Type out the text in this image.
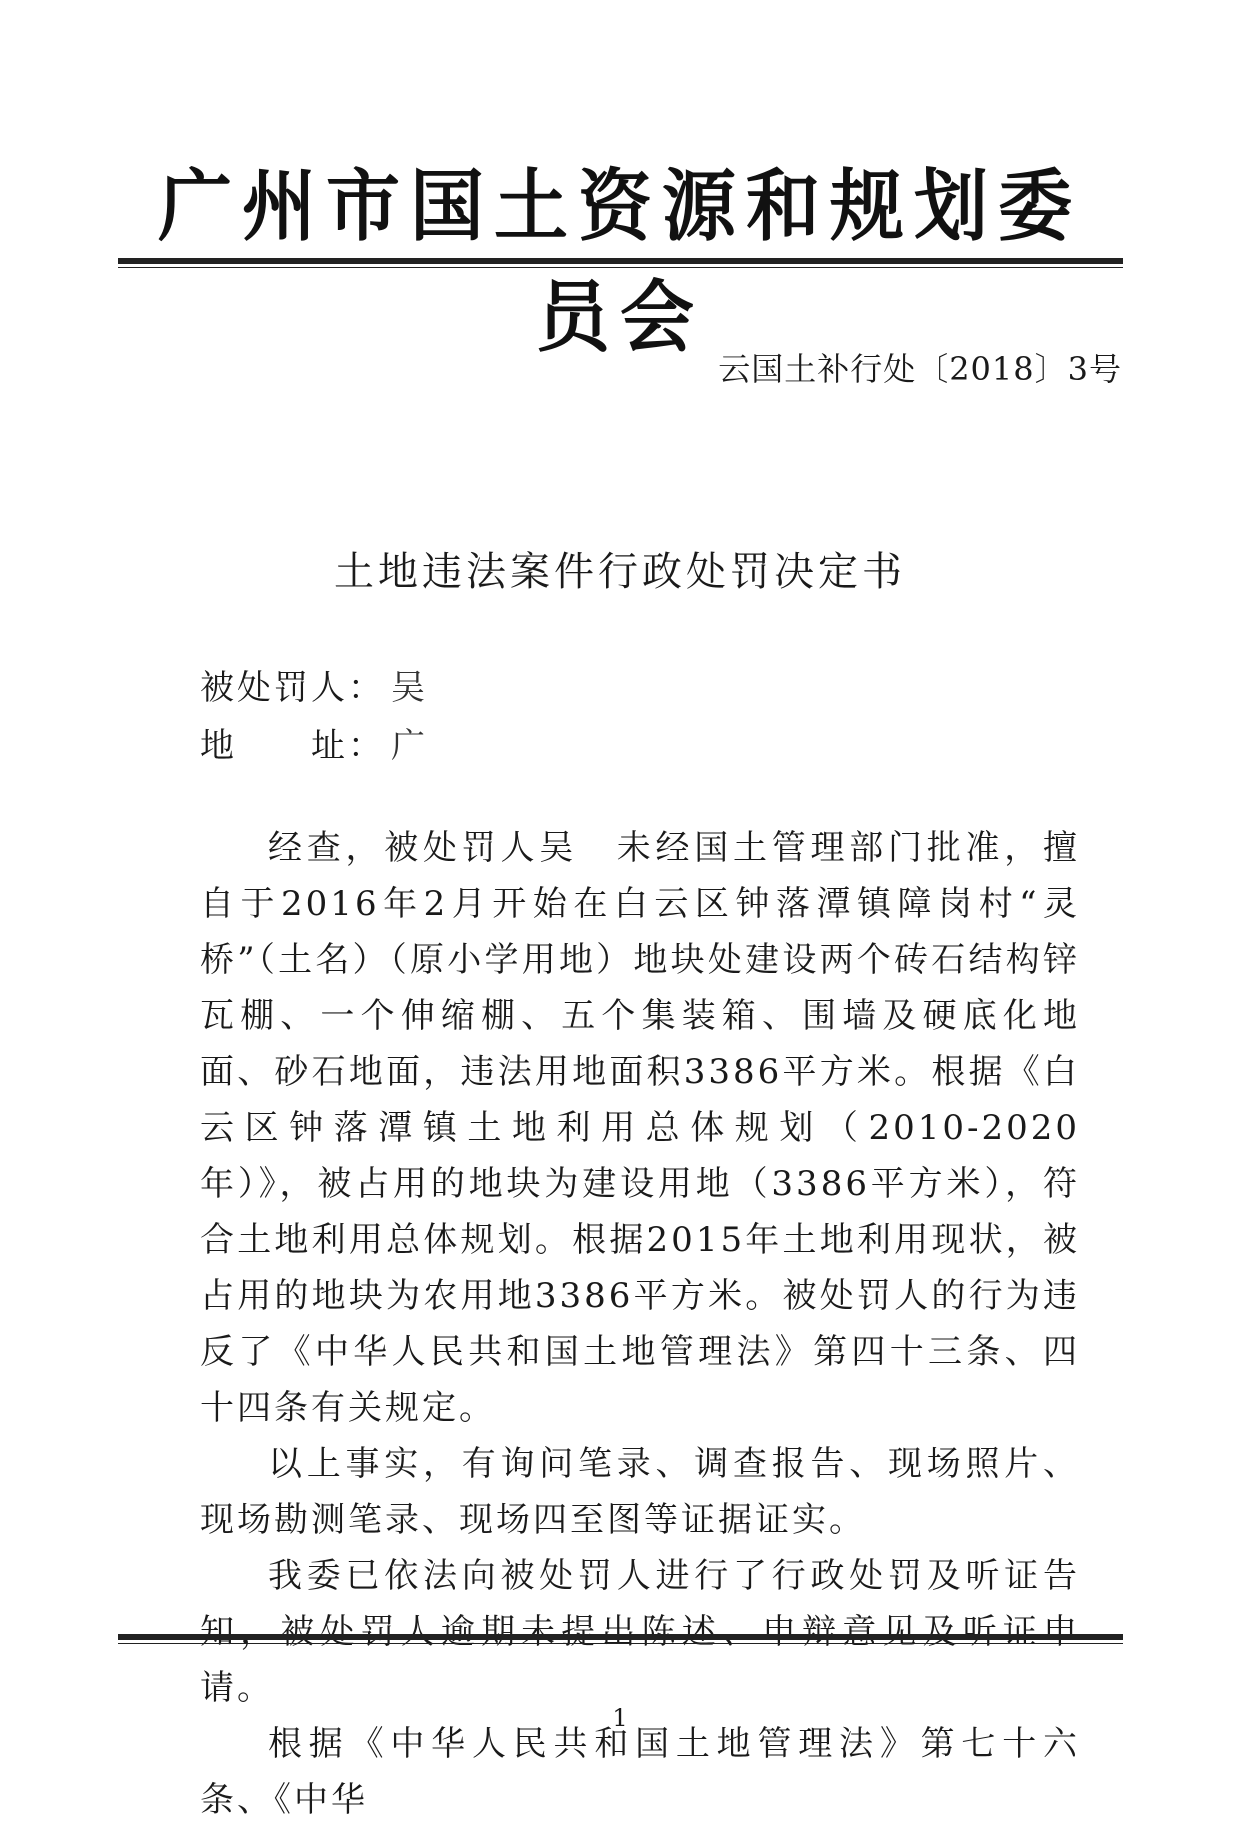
广州市国土资源和规划委员会
云国土补行处〔2018〕3号
土地违法案件行政处罚决定书
被处罚人： 吴
地　　址： 广

经查，被处罚人吴　未经国土管理部门批准，擅自于2016年2月开始在白云区钟落潭镇障岗村“灵桥”（土名）（原小学用地）地块处建设两个砖石结构锌瓦棚、一个伸缩棚、五个集装箱、围墙及硬底化地面、砂石地面，违法用地面积3386平方米。根据《白云区钟落潭镇土地利用总体规划（2010-2020年）》，被占用的地块为建设用地（3386平方米），符合土地利用总体规划。根据2015年土地利用现状，被占用的地块为农用地3386平方米。被处罚人的行为违反了《中华人民共和国土地管理法》第四十三条、四十四条有关规定。

以上事实，有询问笔录、调查报告、现场照片、现场勘测笔录、现场四至图等证据证实。

我委已依法向被处罚人进行了行政处罚及听证告知，被处罚人逾期未提出陈述、申辩意见及听证申请。

根据《中华人民共和国土地管理法》第七十六条、《中华

1
